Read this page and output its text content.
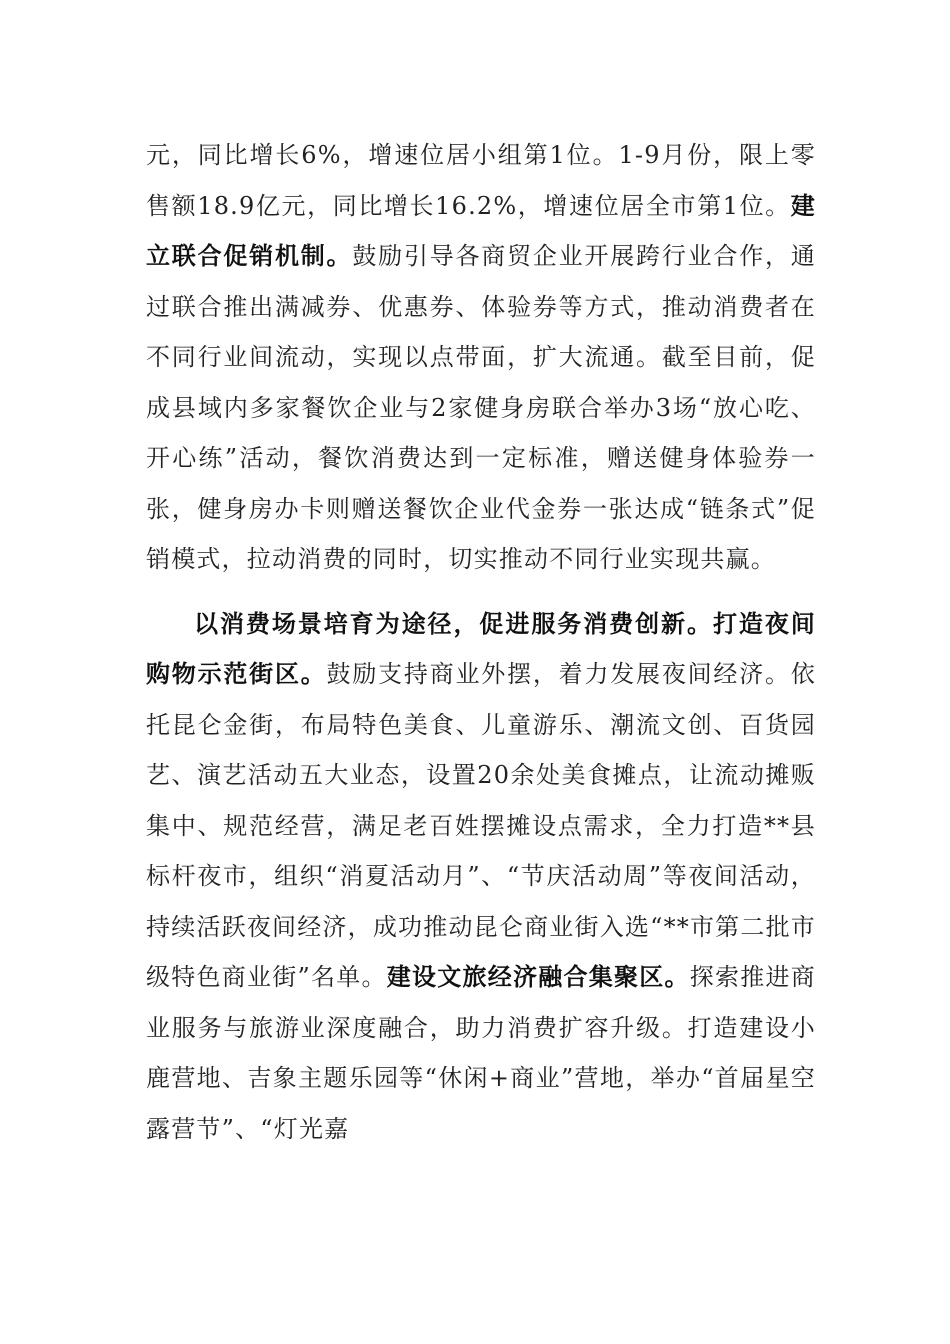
元，同比增长6%，增速位居小组第1位。1-9月份，限上零售额18.9亿元，同比增长16.2%，增速位居全市第1位。建立联合促销机制。鼓励引导各商贸企业开展跨行业合作，通过联合推出满减券、优惠券、体验券等方式，推动消费者在不同行业间流动，实现以点带面，扩大流通。截至目前，促成县域内多家餐饮企业与2家健身房联合举办3场“放心吃、开心练”活动，餐饮消费达到一定标准，赠送健身体验券一张，健身房办卡则赠送餐饮企业代金券一张达成“链条式”促销模式，拉动消费的同时，切实推动不同行业实现共赢。

以消费场景培育为途径，促进服务消费创新。打造夜间购物示范街区。鼓励支持商业外摆，着力发展夜间经济。依托昆仑金街，布局特色美食、儿童游乐、潮流文创、百货园艺、演艺活动五大业态，设置20余处美食摊点，让流动摊贩集中、规范经营，满足老百姓摆摊设点需求，全力打造**县标杆夜市，组织“消夏活动月”、“节庆活动周”等夜间活动，持续活跃夜间经济，成功推动昆仑商业街入选“**市第二批市级特色商业街”名单。建设文旅经济融合集聚区。探索推进商业服务与旅游业深度融合，助力消费扩容升级。打造建设小鹿营地、吉象主题乐园等“休闲+商业”营地，举办“首届星空露营节”、“灯光嘉
